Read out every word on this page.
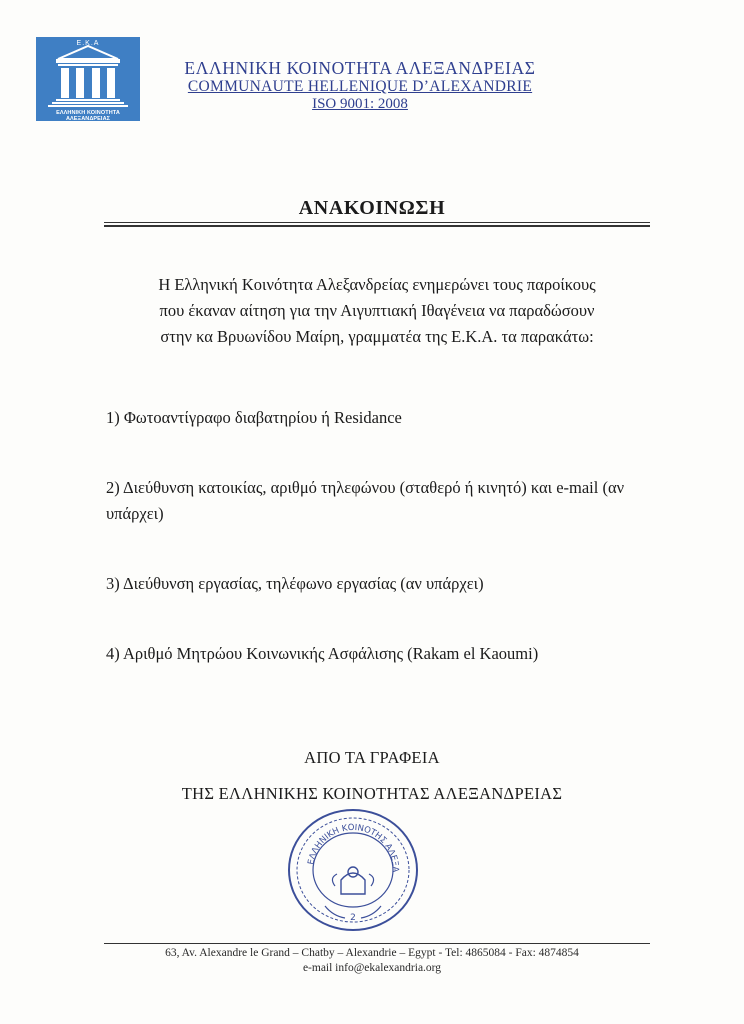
Ε.Κ.Α
ΕΛΛΗΝΙΚΗ ΚΟΙΝΟΤΗΤΑ ΑΛΕΞΑΝΔΡΕΙΑΣ
ΕΛΛΗΝΙΚΗ ΚΟΙΝΟΤΗΤΑ ΑΛΕΞΑΝΔΡΕΙΑΣ
COMMUNAUTE HELLENIQUE D’ALEXANDRIE
ISO 9001: 2008
ΑΝΑΚΟΙΝΩΣΗ
Η Ελληνική Κοινότητα Αλεξανδρείας ενημερώνει τους παροίκους
που έκαναν αίτηση για την Αιγυπτιακή Ιθαγένεια να παραδώσουν
στην κα Βρυωνίδου Μαίρη, γραμματέα της Ε.Κ.Α. τα παρακάτω:
1) Φωτοαντίγραφο διαβατηρίου ή Residance
2) Διεύθυνση κατοικίας, αριθμό τηλεφώνου (σταθερό ή κινητό) και e-mail (αν υπάρχει)
3) Διεύθυνση εργασίας, τηλέφωνο εργασίας (αν υπάρχει)
4) Αριθμό Μητρώου Κοινωνικής Ασφάλισης (Rakam el Kaoumi)
ΑΠΟ ΤΑ ΓΡΑΦΕΙΑ
ΤΗΣ ΕΛΛΗΝΙΚΗΣ ΚΟΙΝΟΤΗΤΑΣ ΑΛΕΞΑΝΔΡΕΙΑΣ
ΕΛΛΗΝΙΚΗ ΚΟΙΝΟΤΗΣ ΑΛΕΞΑ
2
63, Av. Alexandre le Grand – Chatby – Alexandrie – Egypt - Tel: 4865084 - Fax: 4874854
e-mail info@ekalexandria.org
